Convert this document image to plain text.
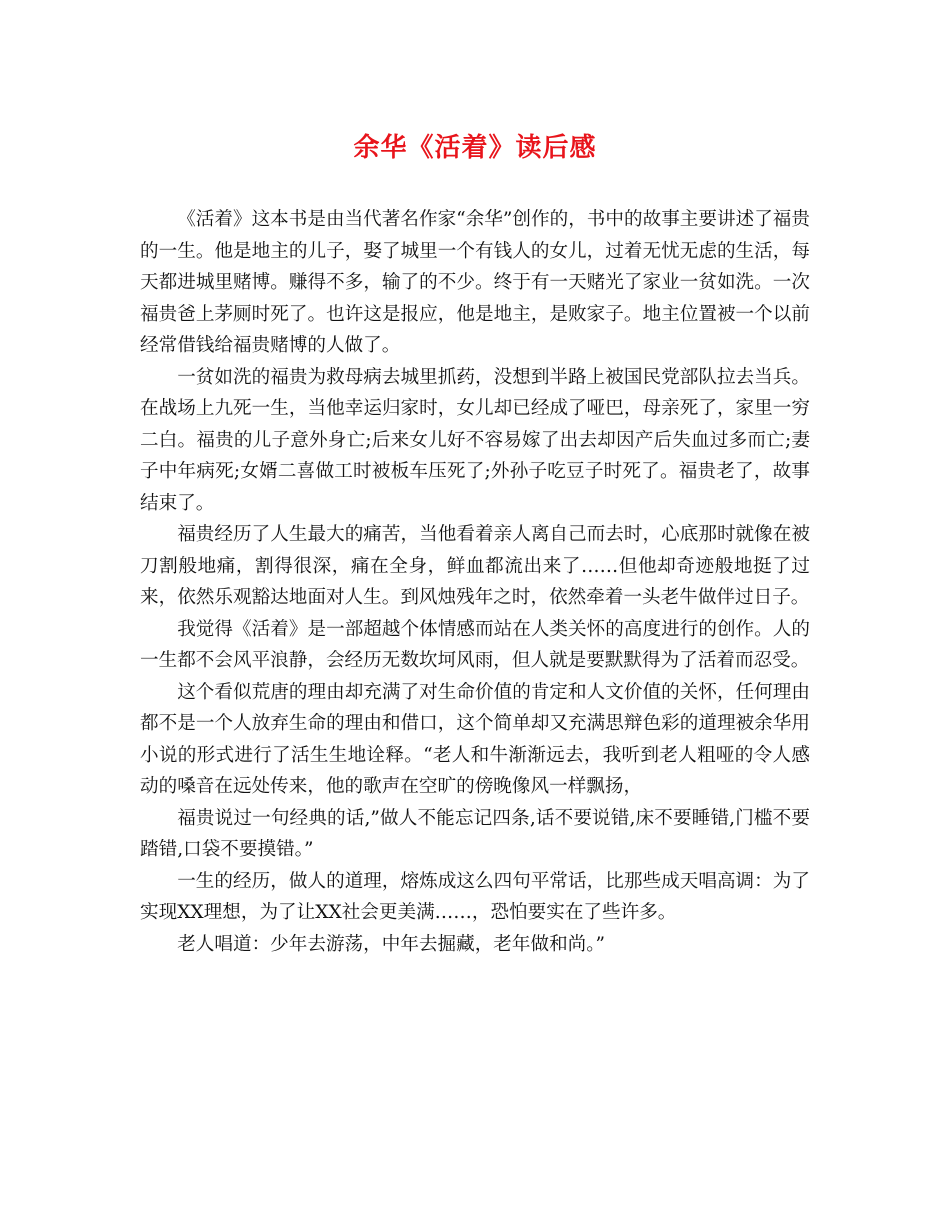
余华《活着》读后感

《活着》这本书是由当代著名作家“余华”创作的，书中的故事主要讲述了福贵的一生。他是地主的儿子，娶了城里一个有钱人的女儿，过着无忧无虑的生活，每天都进城里赌博。赚得不多，输了的不少。终于有一天赌光了家业一贫如洗。一次福贵爸上茅厕时死了。也许这是报应，他是地主，是败家子。地主位置被一个以前经常借钱给福贵赌博的人做了。

一贫如洗的福贵为救母病去城里抓药，没想到半路上被国民党部队拉去当兵。在战场上九死一生，当他幸运归家时，女儿却已经成了哑巴，母亲死了，家里一穷二白。福贵的儿子意外身亡;后来女儿好不容易嫁了出去却因产后失血过多而亡;妻子中年病死;女婿二喜做工时被板车压死了;外孙子吃豆子时死了。福贵老了，故事结束了。

福贵经历了人生最大的痛苦，当他看着亲人离自己而去时，心底那时就像在被刀割般地痛，割得很深，痛在全身，鲜血都流出来了……但他却奇迹般地挺了过来，依然乐观豁达地面对人生。到风烛残年之时，依然牵着一头老牛做伴过日子。

我觉得《活着》是一部超越个体情感而站在人类关怀的高度进行的创作。人的一生都不会风平浪静，会经历无数坎坷风雨，但人就是要默默得为了活着而忍受。

这个看似荒唐的理由却充满了对生命价值的肯定和人文价值的关怀，任何理由都不是一个人放弃生命的理由和借口，这个简单却又充满思辩色彩的道理被余华用小说的形式进行了活生生地诠释。“老人和牛渐渐远去，我听到老人粗哑的令人感动的嗓音在远处传来，他的歌声在空旷的傍晚像风一样飘扬，

福贵说过一句经典的话,”做人不能忘记四条,话不要说错,床不要睡错,门槛不要踏错,口袋不要摸错。”

一生的经历，做人的道理，熔炼成这么四句平常话，比那些成天唱高调：为了实现XX理想，为了让XX社会更美满……，恐怕要实在了些许多。

老人唱道：少年去游荡，中年去掘藏，老年做和尚。”
